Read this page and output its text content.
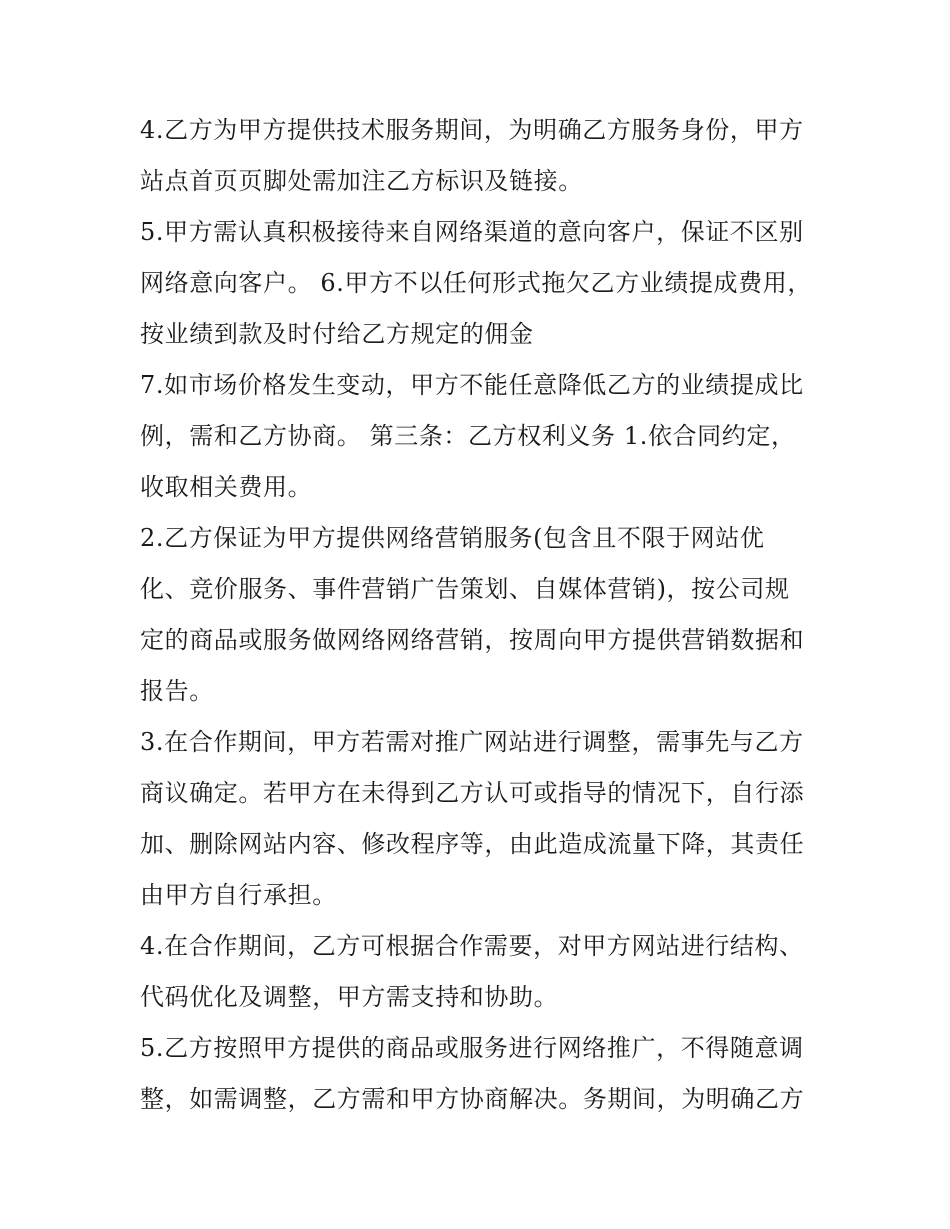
4.乙方为甲方提供技术服务期间，为明确乙方服务身份，甲方
站点首页页脚处需加注乙方标识及链接。
5.甲方需认真积极接待来自网络渠道的意向客户，保证不区别
网络意向客户。 6.甲方不以任何形式拖欠乙方业绩提成费用，
按业绩到款及时付给乙方规定的佣金
7.如市场价格发生变动，甲方不能任意降低乙方的业绩提成比
例，需和乙方协商。 第三条：乙方权利义务 1.依合同约定，
收取相关费用。
2.乙方保证为甲方提供网络营销服务(包含且不限于网站优
化、竞价服务、事件营销广告策划、自媒体营销)，按公司规
定的商品或服务做网络网络营销，按周向甲方提供营销数据和
报告。
3.在合作期间，甲方若需对推广网站进行调整，需事先与乙方
商议确定。若甲方在未得到乙方认可或指导的情况下，自行添
加、删除网站内容、修改程序等，由此造成流量下降，其责任
由甲方自行承担。
4.在合作期间，乙方可根据合作需要，对甲方网站进行结构、
代码优化及调整，甲方需支持和协助。
5.乙方按照甲方提供的商品或服务进行网络推广，不得随意调
整，如需调整，乙方需和甲方协商解决。务期间，为明确乙方
